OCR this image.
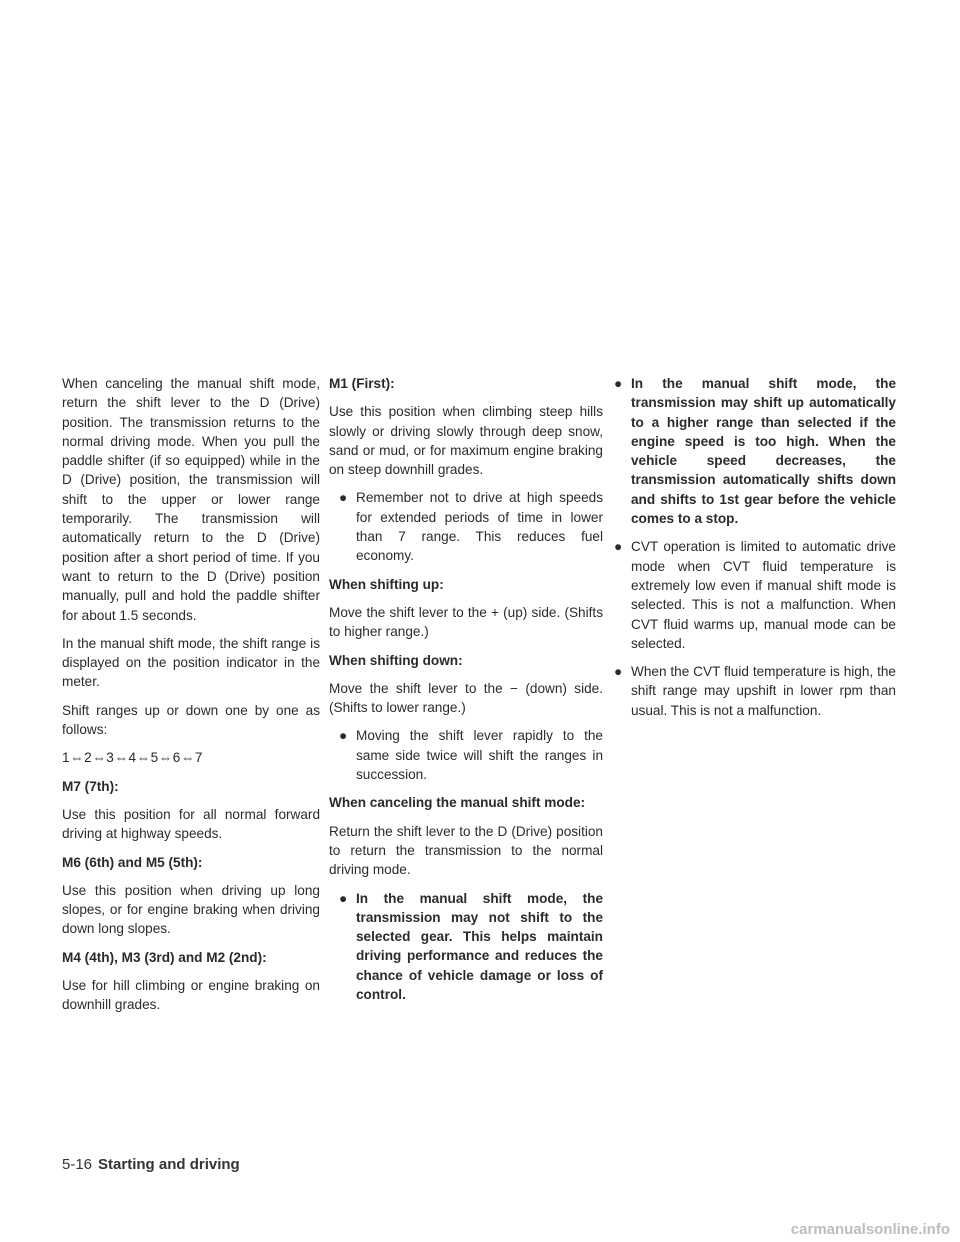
When canceling the manual shift mode, return the shift lever to the D (Drive) position. The transmission returns to the normal driving mode. When you pull the paddle shifter (if so equipped) while in the D (Drive) position, the transmission will shift to the upper or lower range temporarily. The transmission will automatically return to the D (Drive) position after a short period of time. If you want to return to the D (Drive) position manually, pull and hold the paddle shifter for about 1.5 seconds.

In the manual shift mode, the shift range is displayed on the position indicator in the meter.

Shift ranges up or down one by one as follows:

1⇔2⇔3⇔4⇔5⇔6⇔7

M7 (7th):

Use this position for all normal forward driving at highway speeds.

M6 (6th) and M5 (5th):

Use this position when driving up long slopes, or for engine braking when driving down long slopes.

M4 (4th), M3 (3rd) and M2 (2nd):

Use for hill climbing or engine braking on downhill grades.

M1 (First):

Use this position when climbing steep hills slowly or driving slowly through deep snow, sand or mud, or for maximum engine braking on steep downhill grades.

● Remember not to drive at high speeds for extended periods of time in lower than 7 range. This reduces fuel economy.

When shifting up:

Move the shift lever to the + (up) side. (Shifts to higher range.)

When shifting down:

Move the shift lever to the − (down) side. (Shifts to lower range.)

● Moving the shift lever rapidly to the same side twice will shift the ranges in succession.

When canceling the manual shift mode:

Return the shift lever to the D (Drive) position to return the transmission to the normal driving mode.

● In the manual shift mode, the transmission may not shift to the selected gear. This helps maintain driving performance and reduces the chance of vehicle damage or loss of control.
● In the manual shift mode, the transmission may shift up automatically to a higher range than selected if the engine speed is too high. When the vehicle speed decreases, the transmission automatically shifts down and shifts to 1st gear before the vehicle comes to a stop.
● CVT operation is limited to automatic drive mode when CVT fluid temperature is extremely low even if manual shift mode is selected. This is not a malfunction. When CVT fluid warms up, manual mode can be selected.
● When the CVT fluid temperature is high, the shift range may upshift in lower rpm than usual. This is not a malfunction.
5-16 Starting and driving
carmanualsonline.info
